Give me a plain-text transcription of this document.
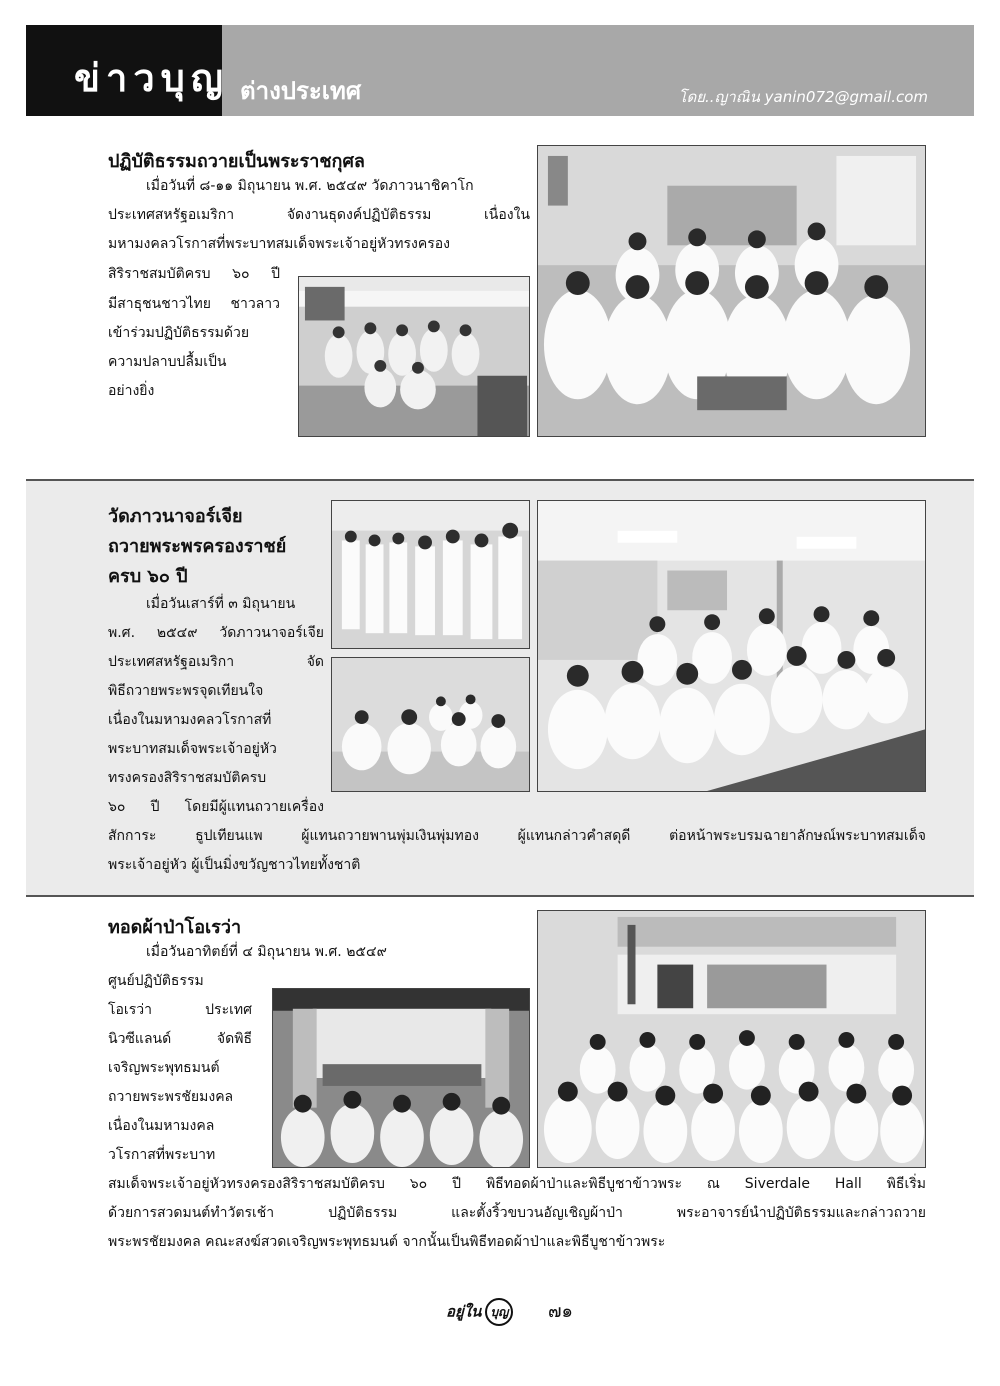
ข่าวบุญ ต่างประเทศ	โดย..ญาณิน yanin072@gmail.com
ปฏิบัติธรรมถวายเป็นพระราชกุศล
เมื่อวันที่ ๘-๑๑ มิถุนายน พ.ศ. ๒๕๔๙ วัดภาวนาชิคาโก
ประเทศสหรัฐอเมริกา จัดงานธุดงค์ปฏิบัติธรรม เนื่องใน
มหามงคลวโรกาสที่พระบาทสมเด็จพระเจ้าอยู่หัวทรงครอง
สิริราชสมบัติครบ ๖๐ ปี
มีสาธุชนชาวไทย ชาวลาว
เข้าร่วมปฏิบัติธรรมด้วย
ความปลาบปลื้มเป็น
อย่างยิ่ง
วัดภาวนาจอร์เจีย
ถวายพระพรครองราชย์
ครบ ๖๐ ปี
เมื่อวันเสาร์ที่ ๓ มิถุนายน
พ.ศ. ๒๕๔๙ วัดภาวนาจอร์เจีย
ประเทศสหรัฐอเมริกา จัด
พิธีถวายพระพรจุดเทียนใจ
เนื่องในมหามงคลวโรกาสที่
พระบาทสมเด็จพระเจ้าอยู่หัว
ทรงครองสิริราชสมบัติครบ
๖๐ ปี โดยมีผู้แทนถวายเครื่อง
สักการะ ธูปเทียนแพ ผู้แทนถวายพานพุ่มเงินพุ่มทอง ผู้แทนกล่าวคำสดุดี ต่อหน้าพระบรมฉายาลักษณ์พระบาทสมเด็จ
พระเจ้าอยู่หัว ผู้เป็นมิ่งขวัญชาวไทยทั้งชาติ
ทอดผ้าป่าโอเรว่า
เมื่อวันอาทิตย์ที่ ๔ มิถุนายน พ.ศ. ๒๕๔๙
ศูนย์ปฏิบัติธรรม
โอเรว่า ประเทศ
นิวซีแลนด์ จัดพิธี
เจริญพระพุทธมนต์
ถวายพระพรชัยมงคล
เนื่องในมหามงคล
วโรกาสที่พระบาท
สมเด็จพระเจ้าอยู่หัวทรงครองสิริราชสมบัติครบ ๖๐ ปี พิธีทอดผ้าป่าและพิธีบูชาข้าวพระ ณ Siverdale Hall พิธีเริ่ม
ด้วยการสวดมนต์ทำวัตรเช้า ปฏิบัติธรรม และตั้งริ้วขบวนอัญเชิญผ้าป่า พระอาจารย์นำปฏิบัติธรรมและกล่าวถวาย
พระพรชัยมงคล คณะสงฆ์สวดเจริญพระพุทธมนต์ จากนั้นเป็นพิธีทอดผ้าป่าและพิธีบูชาข้าวพระ
อยู่ใน บุญ ๗๑
